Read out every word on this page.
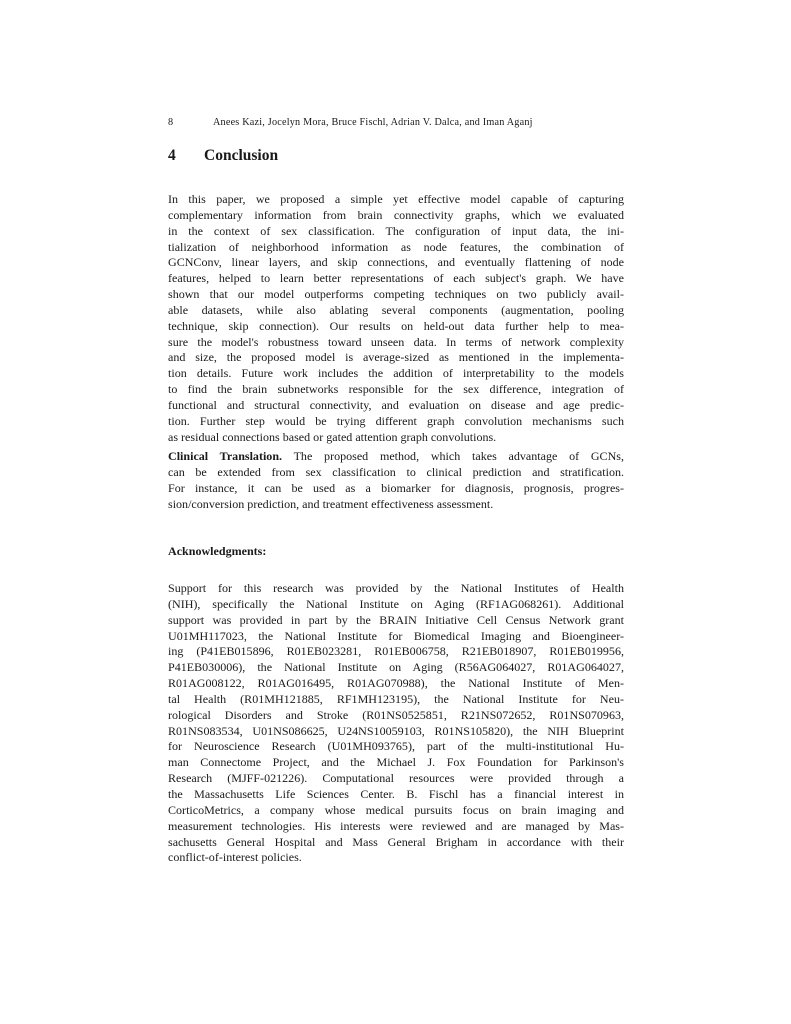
8	Anees Kazi, Jocelyn Mora, Bruce Fischl, Adrian V. Dalca, and Iman Aganj
4 Conclusion
In this paper, we proposed a simple yet effective model capable of capturing
complementary information from brain connectivity graphs, which we evaluated
in the context of sex classification. The configuration of input data, the ini-
tialization of neighborhood information as node features, the combination of
GCNConv, linear layers, and skip connections, and eventually flattening of node
features, helped to learn better representations of each subject's graph. We have
shown that our model outperforms competing techniques on two publicly avail-
able datasets, while also ablating several components (augmentation, pooling
technique, skip connection). Our results on held-out data further help to mea-
sure the model's robustness toward unseen data. In terms of network complexity
and size, the proposed model is average-sized as mentioned in the implementa-
tion details. Future work includes the addition of interpretability to the models
to find the brain subnetworks responsible for the sex difference, integration of
functional and structural connectivity, and evaluation on disease and age predic-
tion. Further step would be trying different graph convolution mechanisms such
as residual connections based or gated attention graph convolutions.
Clinical Translation. The proposed method, which takes advantage of GCNs,
can be extended from sex classification to clinical prediction and stratification.
For instance, it can be used as a biomarker for diagnosis, prognosis, progres-
sion/conversion prediction, and treatment effectiveness assessment.
Acknowledgments:
Support for this research was provided by the National Institutes of Health
(NIH), specifically the National Institute on Aging (RF1AG068261). Additional
support was provided in part by the BRAIN Initiative Cell Census Network grant
U01MH117023, the National Institute for Biomedical Imaging and Bioengineer-
ing (P41EB015896, R01EB023281, R01EB006758, R21EB018907, R01EB019956,
P41EB030006), the National Institute on Aging (R56AG064027, R01AG064027,
R01AG008122, R01AG016495, R01AG070988), the National Institute of Men-
tal Health (R01MH121885, RF1MH123195), the National Institute for Neu-
rological Disorders and Stroke (R01NS0525851, R21NS072652, R01NS070963,
R01NS083534, U01NS086625, U24NS10059103, R01NS105820), the NIH Blueprint
for Neuroscience Research (U01MH093765), part of the multi-institutional Hu-
man Connectome Project, and the Michael J. Fox Foundation for Parkinson's
Research (MJFF-021226). Computational resources were provided through a
the Massachusetts Life Sciences Center. B. Fischl has a financial interest in
CorticoMetrics, a company whose medical pursuits focus on brain imaging and
measurement technologies. His interests were reviewed and are managed by Mas-
sachusetts General Hospital and Mass General Brigham in accordance with their
conflict-of-interest policies.
